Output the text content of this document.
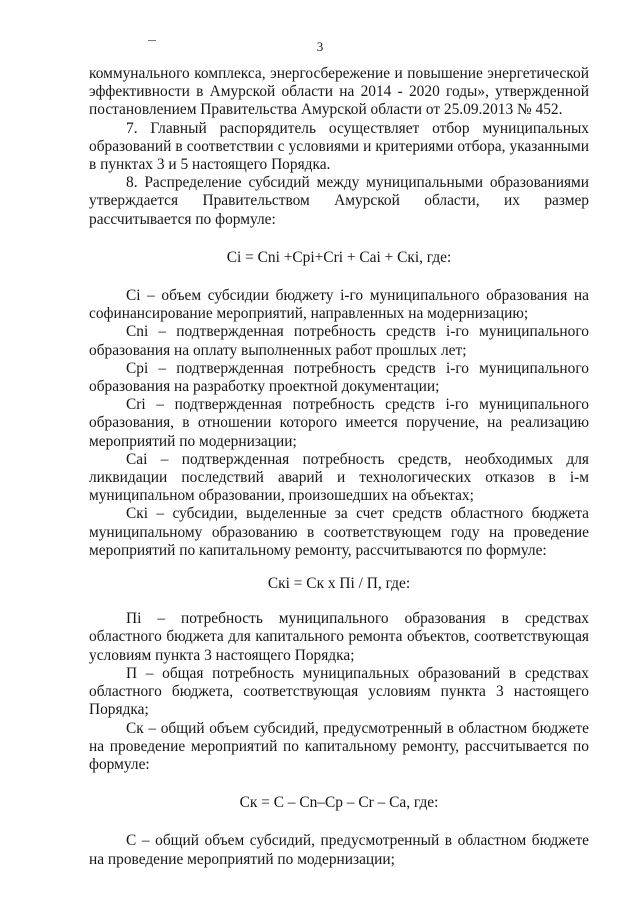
3

коммунального комплекса, энергосбережение и повышение энергетической эффективности в Амурской области на 2014 - 2020 годы», утвержденной постановлением Правительства Амурской области от 25.09.2013 № 452.

7. Главный распорядитель осуществляет отбор муниципальных образований в соответствии с условиями и критериями отбора, указанными в пунктах 3 и 5 настоящего Порядка.

8. Распределение субсидий между муниципальными образованиями утверждается Правительством Амурской области, их размер рассчитывается по формуле:

Ci = Cni +Cpi+Cri + Cai + Cкi, где:

Ci – объем субсидии бюджету i-го муниципального образования на софинансирование мероприятий, направленных на модернизацию;

Cni – подтвержденная потребность средств i-го муниципального образования на оплату выполненных работ прошлых лет;

Cpi – подтвержденная потребность средств i-го муниципального образования на разработку проектной документации;

Cri – подтвержденная потребность средств i-го муниципального образования, в отношении которого имеется поручение, на реализацию мероприятий по модернизации;

Cai – подтвержденная потребность средств, необходимых для ликвидации последствий аварий и технологических отказов в i-м муниципальном образовании, произошедших на объектах;

Cкi – субсидии, выделенные за счет средств областного бюджета муниципальному образованию в соответствующем году на проведение мероприятий по капитальному ремонту, рассчитываются по формуле:

Cкi = Cк x Пi / П, где:

Пi – потребность муниципального образования в средствах областного бюджета для капитального ремонта объектов, соответствующая условиям пункта 3 настоящего Порядка;

П – общая потребность муниципальных образований в средствах областного бюджета, соответствующая условиям пункта 3 настоящего Порядка;

Cк – общий объем субсидий, предусмотренный в областном бюджете на проведение мероприятий по капитальному ремонту, рассчитывается по формуле:

Cк = C – Cn–Cp – Cr – Ca, где:

C – общий объем субсидий, предусмотренный в областном бюджете на проведение мероприятий по модернизации;
